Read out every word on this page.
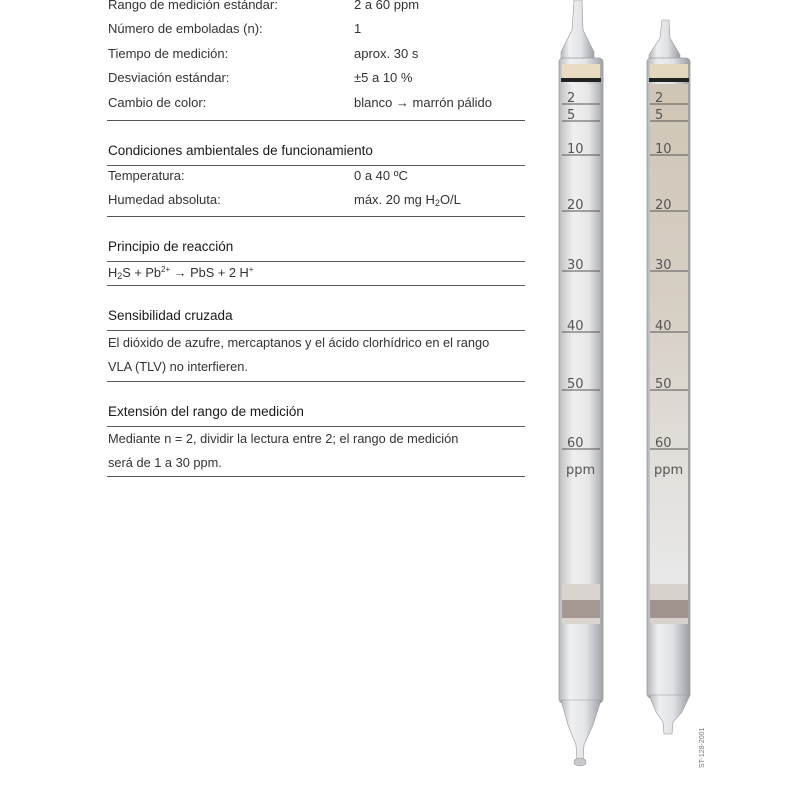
Rango de medición estándar:	2 a 60 ppm
Número de emboladas (n):	1
Tiempo de medición:	aprox. 30 s
Desviación estándar:	±5 a 10 %
Cambio de color:	blanco → marrón pálido
Condiciones ambientales de funcionamiento
Temperatura:	0 a 40 ºC
Humedad absoluta:	máx. 20 mg $H_2O/L$
Principio de reacción
$H_2S + Pb^{2+}$ → PbS + 2 H+
Sensibilidad cruzada
El dióxido de azufre, mercaptanos y el ácido clorhídrico en el rango
VLA (TLV) no interfieren.
Extensión del rango de medición
Mediante n = 2, dividir la lectura entre 2; el rango de medición
será de 1 a 30 ppm.
2
5
10
20
30
40
50
60
ppm
2
5
10
20
30
40
50
60
ppm
ST-128-2001
